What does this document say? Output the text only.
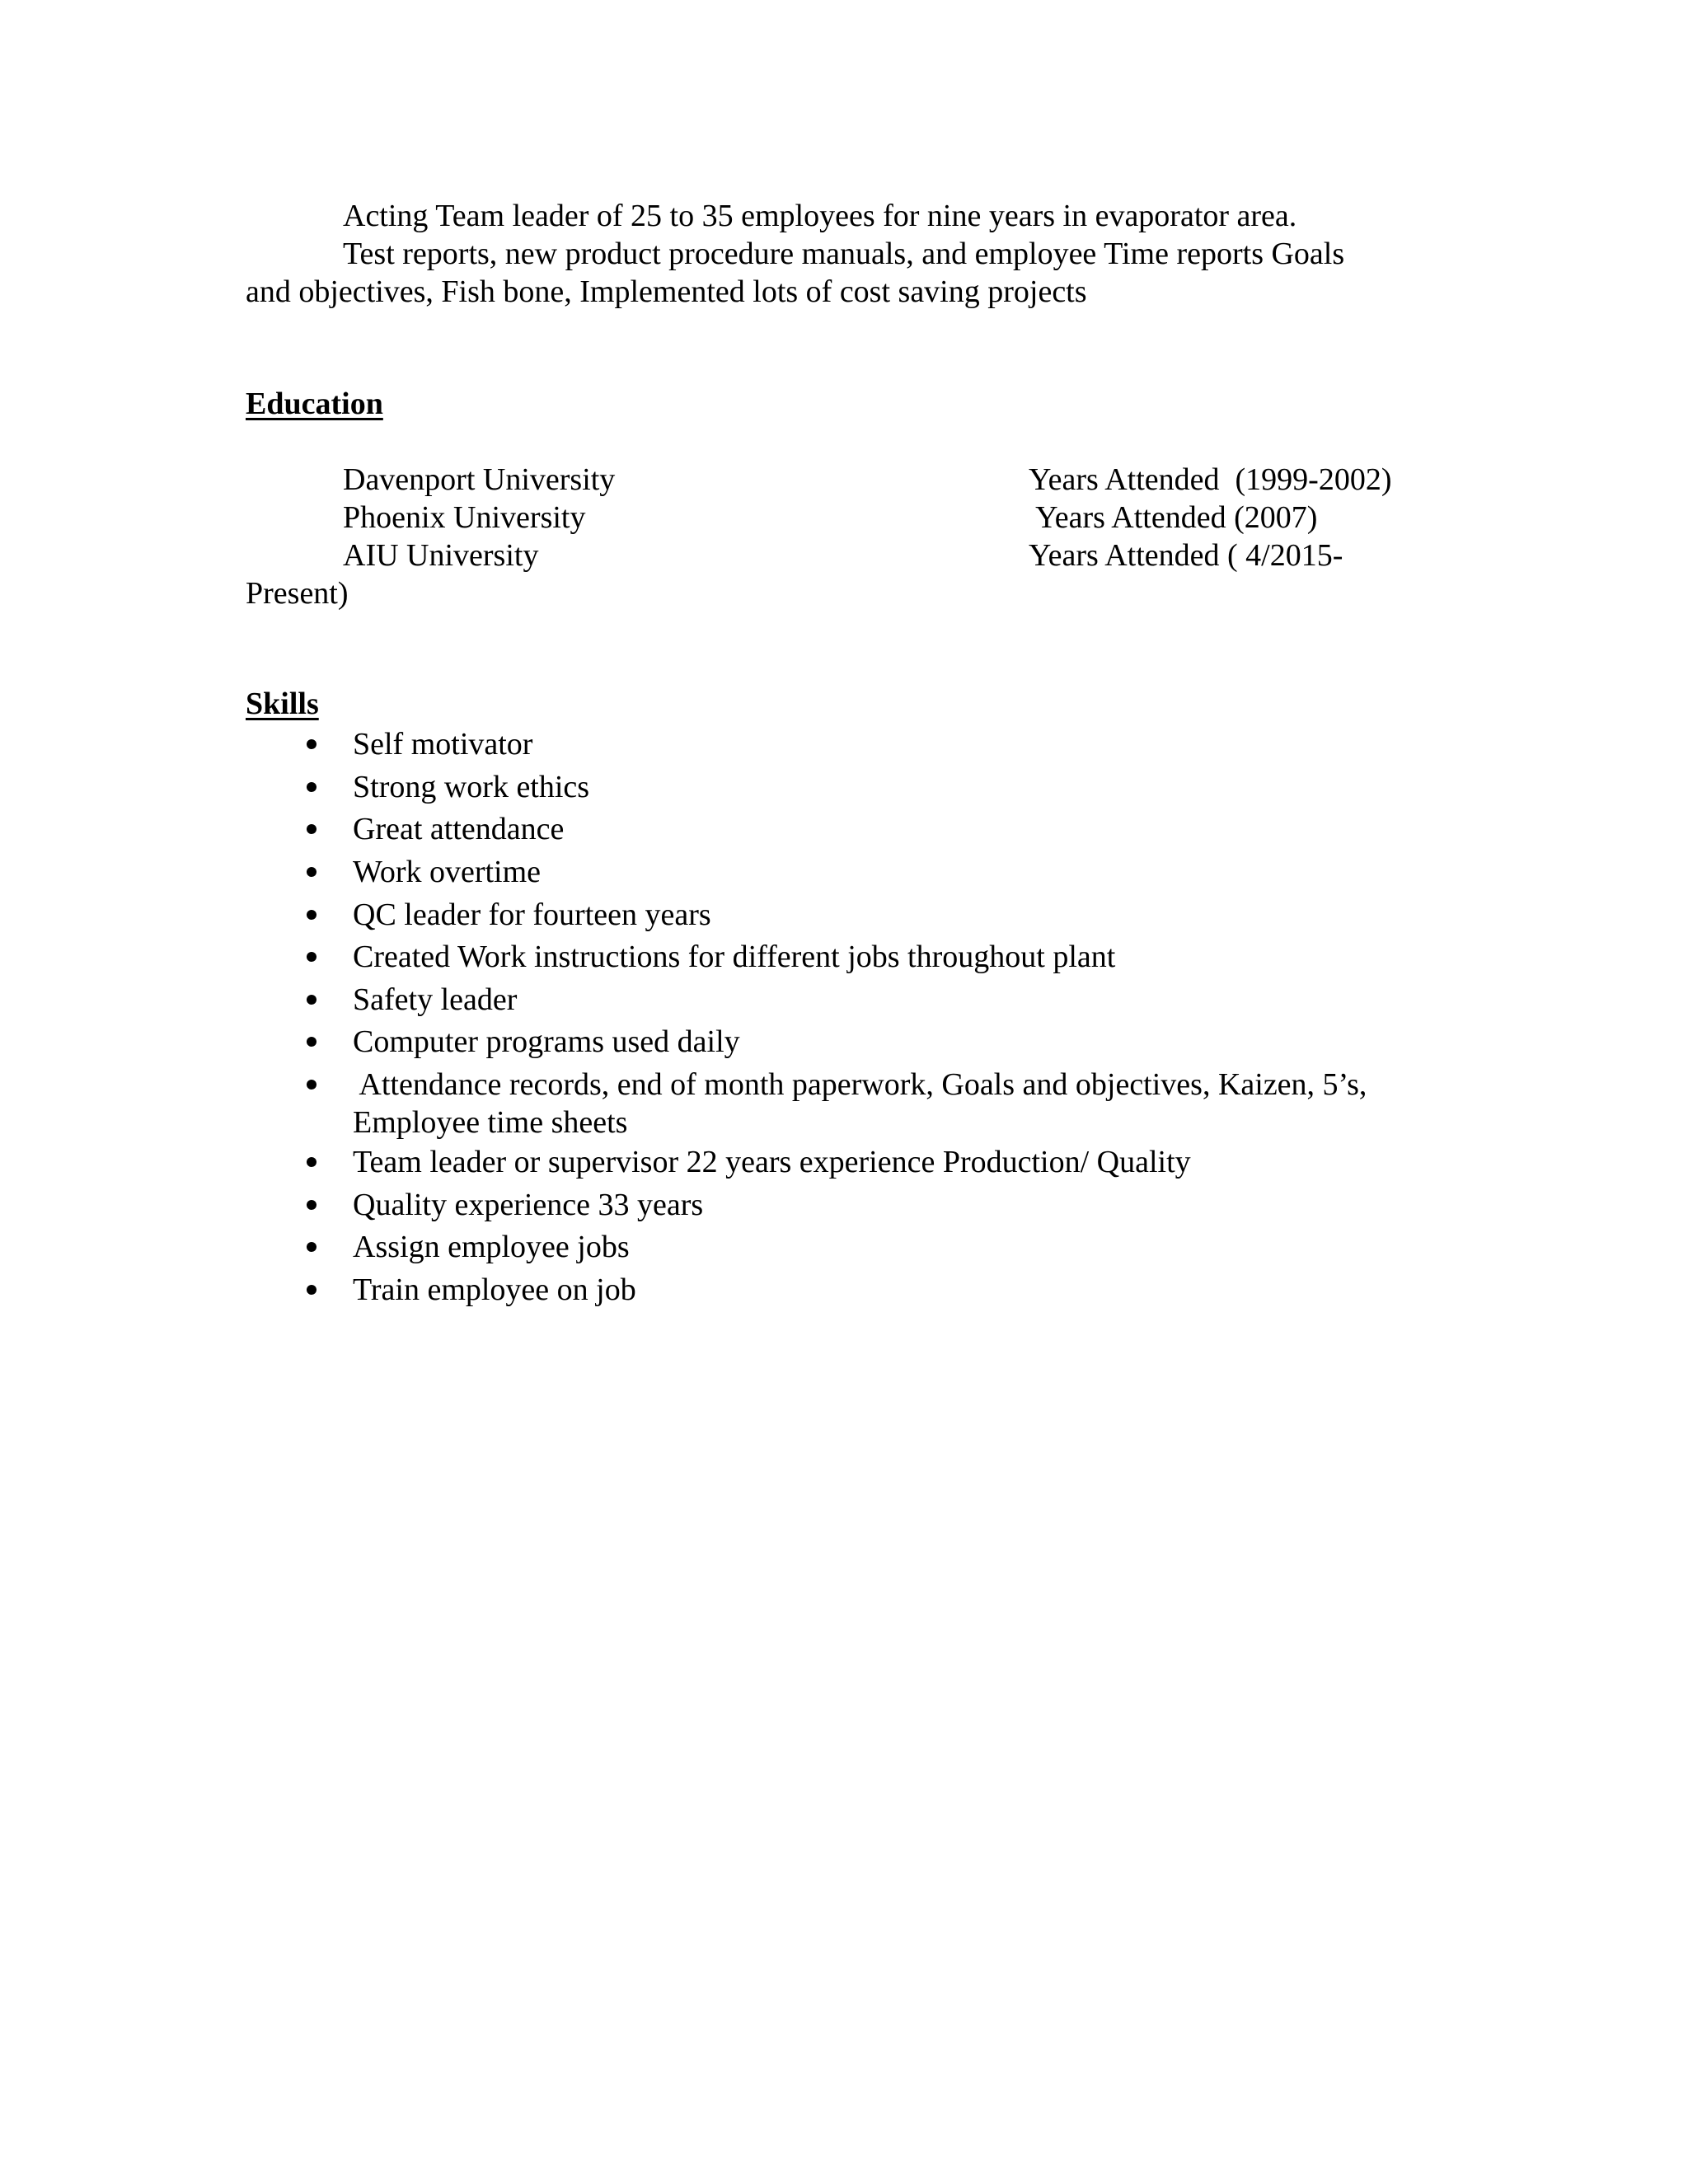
Acting Team leader of 25 to 35 employees for nine years in evaporator area.
Test reports, new product procedure manuals, and employee Time reports Goals
and objectives, Fish bone, Implemented lots of cost saving projects
Education
Davenport University	Years Attended  (1999-2002)
Phoenix University	Years Attended (2007)
AIU University	Years Attended ( 4/2015-
Present)
Skills
Self motivator
Strong work ethics
Great attendance
Work overtime
QC leader for fourteen years
Created Work instructions for different jobs throughout plant
Safety leader
Computer programs used daily
Attendance records, end of month paperwork, Goals and objectives, Kaizen, 5’s,
Employee time sheets
Team leader or supervisor 22 years experience Production/ Quality
Quality experience 33 years
Assign employee jobs
Train employee on job
